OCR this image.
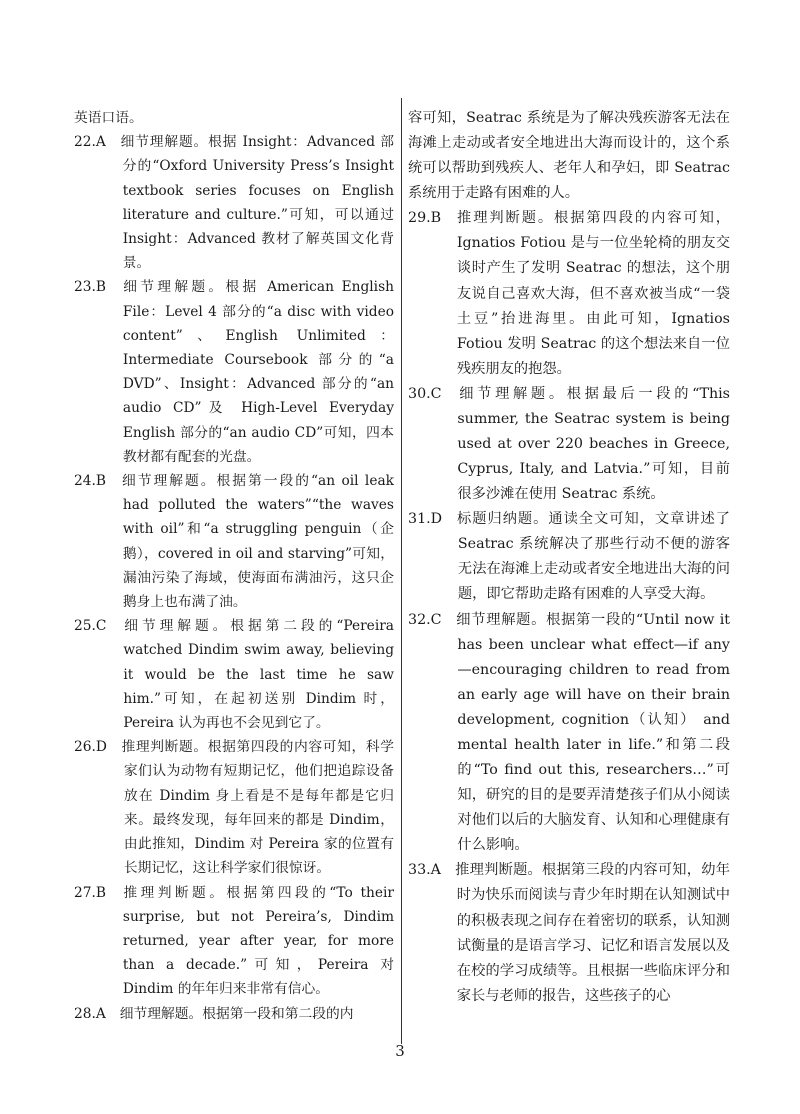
英语口语。

22.A 细节理解题。根据 Insight：Advanced 部分的“Oxford University Press’s Insight textbook series focuses on English literature and culture.”可知，可以通过 Insight：Advanced 教材了解英国文化背景。

23.B 细节理解题。根据 American English File：Level 4 部分的“a disc with video content”、English Unlimited：Intermediate Coursebook 部分的“a DVD”、Insight：Advanced 部分的“an audio CD”及 High-Level Everyday English 部分的“an audio CD”可知，四本教材都有配套的光盘。

24.B 细节理解题。根据第一段的“an oil leak had polluted the waters”“the waves with oil”和“a struggling penguin（企鹅），covered in oil and starving”可知，漏油污染了海域，使海面布满油污，这只企鹅身上也布满了油。

25.C 细节理解题。根据第二段的“Pereira watched Dindim swim away, believing it would be the last time he saw him.”可知，在起初送别 Dindim 时，Pereira 认为再也不会见到它了。

26.D 推理判断题。根据第四段的内容可知，科学家们认为动物有短期记忆，他们把追踪设备放在 Dindim 身上看是不是每年都是它归来。最终发现，每年回来的都是 Dindim，由此推知，Dindim 对 Pereira 家的位置有长期记忆，这让科学家们很惊讶。

27.B 推理判断题。根据第四段的“To their surprise, but not Pereira’s, Dindim returned, year after year, for more than a decade.”可知，Pereira 对 Dindim 的年年归来非常有信心。

28.A 细节理解题。根据第一段和第二段的内

容可知，Seatrac 系统是为了解决残疾游客无法在海滩上走动或者安全地进出大海而设计的，这个系统可以帮助到残疾人、老年人和孕妇，即 Seatrac 系统用于走路有困难的人。

29.B 推理判断题。根据第四段的内容可知，Ignatios Fotiou 是与一位坐轮椅的朋友交谈时产生了发明 Seatrac 的想法，这个朋友说自己喜欢大海，但不喜欢被当成“一袋土豆”抬进海里。由此可知，Ignatios Fotiou 发明 Seatrac 的这个想法来自一位残疾朋友的抱怨。

30.C 细节理解题。根据最后一段的“This summer, the Seatrac system is being used at over 220 beaches in Greece, Cyprus, Italy, and Latvia.”可知，目前很多沙滩在使用 Seatrac 系统。

31.D 标题归纳题。通读全文可知，文章讲述了 Seatrac 系统解决了那些行动不便的游客无法在海滩上走动或者安全地进出大海的问题，即它帮助走路有困难的人享受大海。

32.C 细节理解题。根据第一段的“Until now it has been unclear what effect—if any—encouraging children to read from an early age will have on their brain development, cognition（认知） and mental health later in life.”和第二段的“To find out this, researchers…”可知，研究的目的是要弄清楚孩子们从小阅读对他们以后的大脑发育、认知和心理健康有什么影响。

33.A 推理判断题。根据第三段的内容可知，幼年时为快乐而阅读与青少年时期在认知测试中的积极表现之间存在着密切的联系，认知测试衡量的是语言学习、记忆和语言发展以及在校的学习成绩等。且根据一些临床评分和家长与老师的报告，这些孩子的心

3
